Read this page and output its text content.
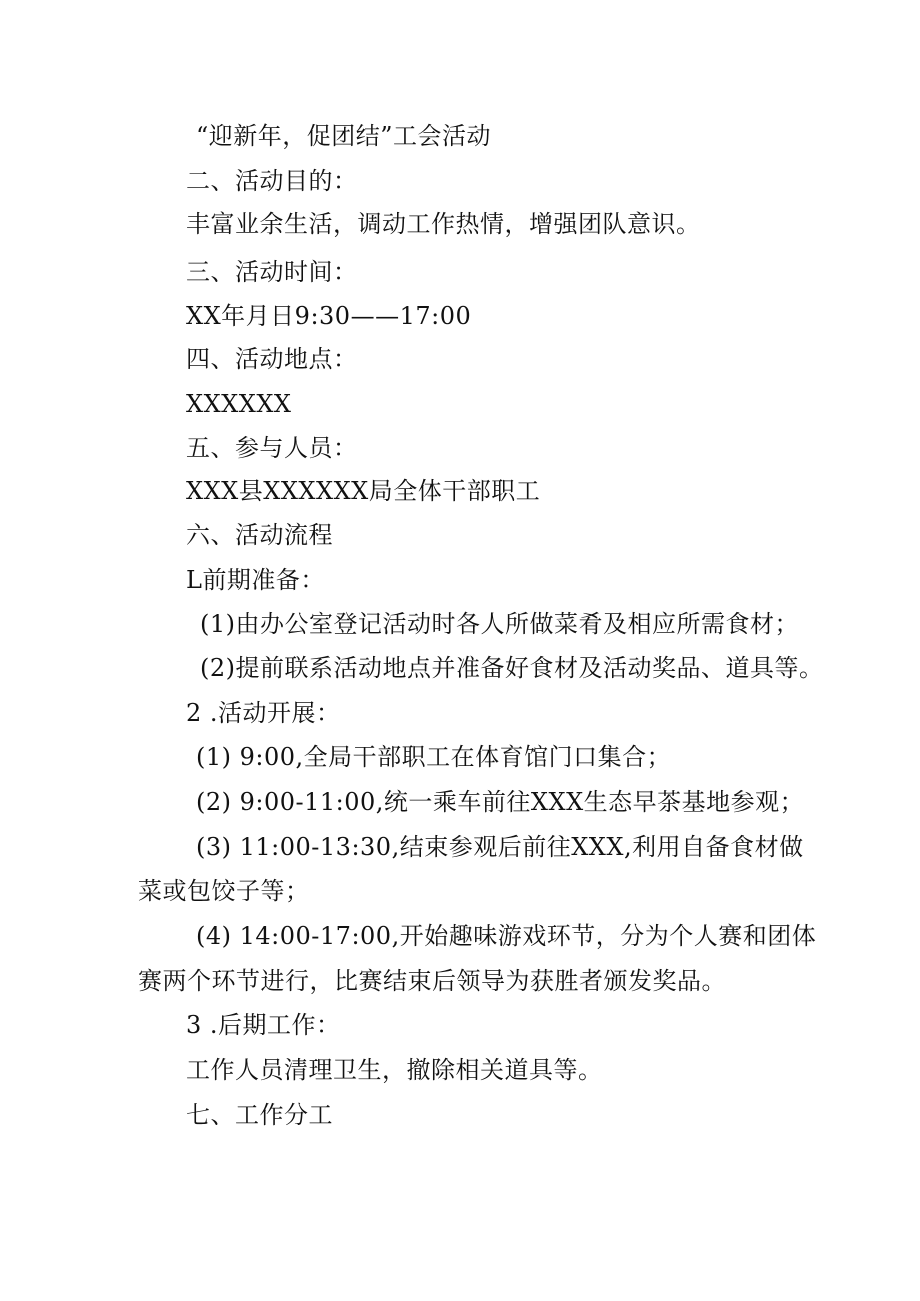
“迎新年，促团结”工会活动
二、活动目的：
丰富业余生活，调动工作热情，增强团队意识。
三、活动时间：
XX年月日9:30——17:00
四、活动地点：
XXXXXX
五、参与人员：
XXX县XXXXXX局全体干部职工
六、活动流程
L前期准备：
(1)由办公室登记活动时各人所做菜肴及相应所需食材；
(2)提前联系活动地点并准备好食材及活动奖品、道具等。
2 .活动开展：
(1) 9:00,全局干部职工在体育馆门口集合；
(2) 9:00-11:00,统一乘车前往XXX生态早茶基地参观；
(3) 11:00-13:30,结束参观后前往XXX,利用自备食材做
菜或包饺子等；
(4) 14:00-17:00,开始趣味游戏环节，分为个人赛和团体
赛两个环节进行，比赛结束后领导为获胜者颁发奖品。
3 .后期工作：
工作人员清理卫生，撤除相关道具等。
七、工作分工
